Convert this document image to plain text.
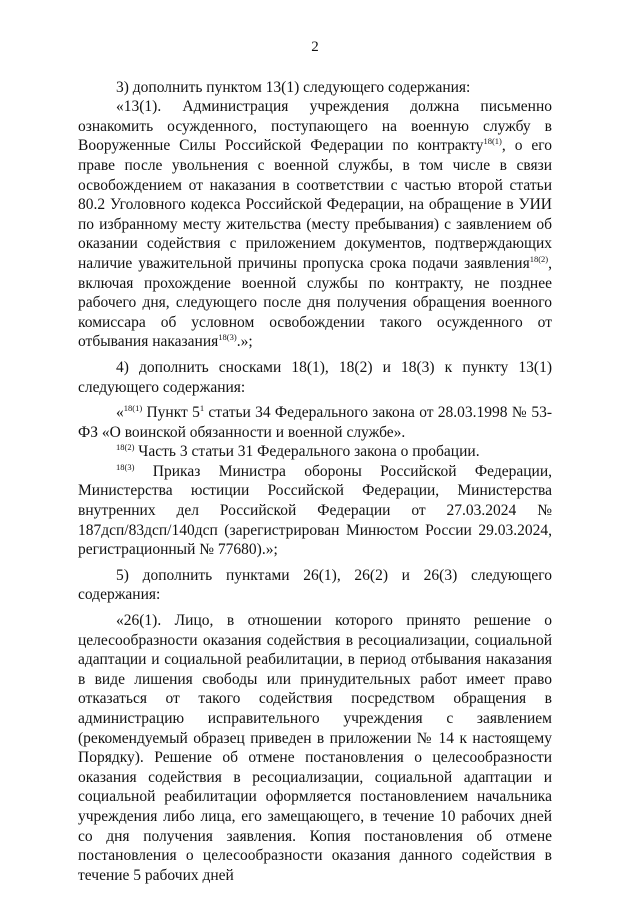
2

3) дополнить пунктом 13(1) следующего содержания:

«13(1). Администрация учреждения должна письменно ознакомить осужденного, поступающего на военную службу в Вооруженные Силы Российской Федерации по контракту$^{18(1)}$, о его праве после увольнения с военной службы, в том числе в связи освобождением от наказания в соответствии с частью второй статьи 80.2 Уголовного кодекса Российской Федерации, на обращение в УИИ по избранному месту жительства (месту пребывания) с заявлением об оказании содействия с приложением документов, подтверждающих наличие уважительной причины пропуска срока подачи заявления$^{18(2)}$, включая прохождение военной службы по контракту, не позднее рабочего дня, следующего после дня получения обращения военного комиссара об условном освобождении такого осужденного от отбывания наказания$^{18(3)}$.»;

4) дополнить сносками 18(1), 18(2) и 18(3) к пункту 13(1) следующего содержания:

«$^{18(1)}$ Пункт 5$^1$ статьи 34 Федерального закона от 28.03.1998 № 53-ФЗ «О воинской обязанности и военной службе».

$^{18(2)}$ Часть 3 статьи 31 Федерального закона о пробации.

$^{18(3)}$ Приказ Министра обороны Российской Федерации, Министерства юстиции Российской Федерации, Министерства внутренних дел Российской Федерации от 27.03.2024 № 187дсп/83дсп/140дсп (зарегистрирован Минюстом России 29.03.2024, регистрационный № 77680).»;

5) дополнить пунктами 26(1), 26(2) и 26(3) следующего содержания:

«26(1). Лицо, в отношении которого принято решение о целесообразности оказания содействия в ресоциализации, социальной адаптации и социальной реабилитации, в период отбывания наказания в виде лишения свободы или принудительных работ имеет право отказаться от такого содействия посредством обращения в администрацию исправительного учреждения с заявлением (рекомендуемый образец приведен в приложении № 14 к настоящему Порядку). Решение об отмене постановления о целесообразности оказания содействия в ресоциализации, социальной адаптации и социальной реабилитации оформляется постановлением начальника учреждения либо лица, его замещающего, в течение 10 рабочих дней со дня получения заявления. Копия постановления об отмене постановления о целесообразности оказания данного содействия в течение 5 рабочих дней
